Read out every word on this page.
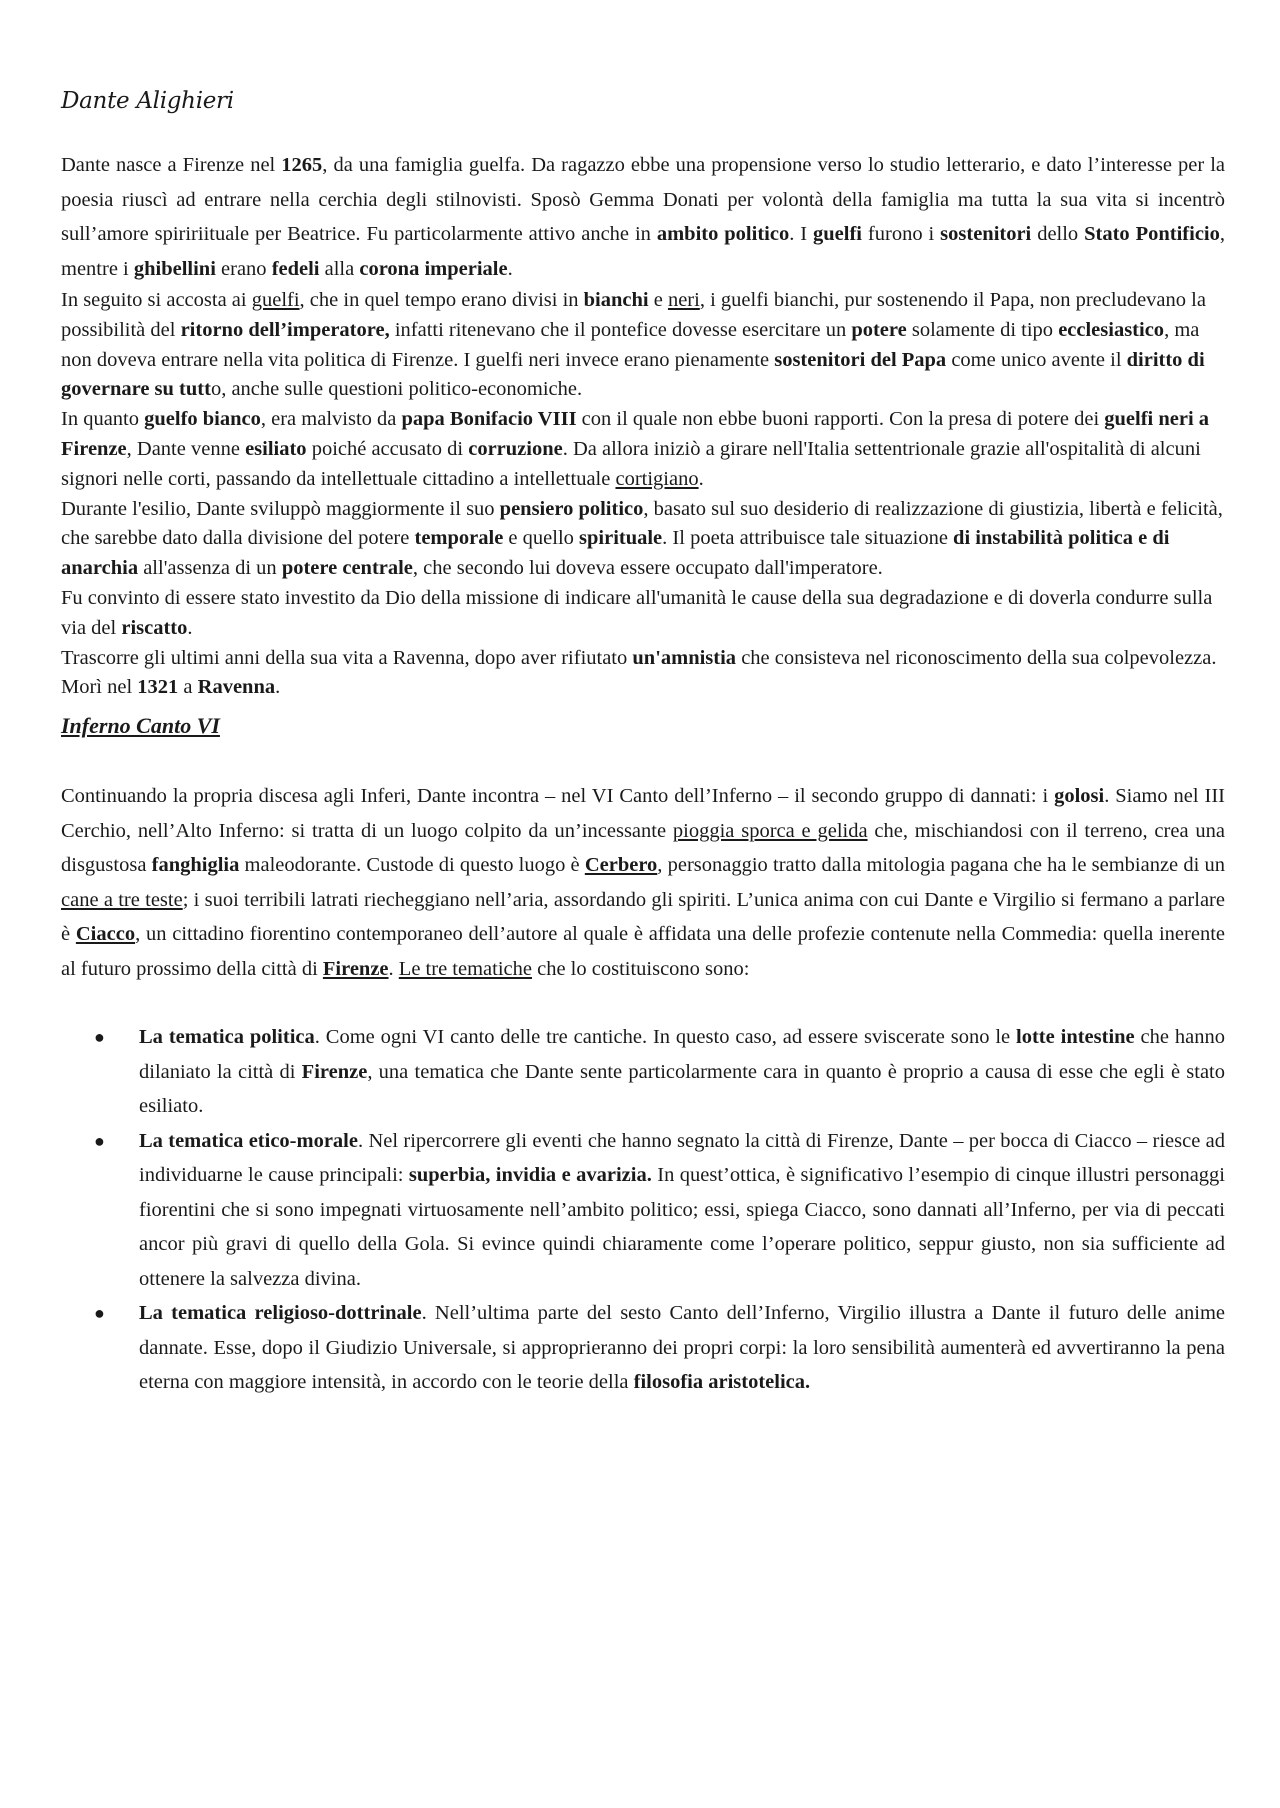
Dante Alighieri

Dante nasce a Firenze nel 1265, da una famiglia guelfa. Da ragazzo ebbe una propensione verso lo studio letterario, e dato l’interesse per la poesia riuscì ad entrare nella cerchia degli stilnovisti. Sposò Gemma Donati per volontà della famiglia ma tutta la sua vita si incentrò sull’amore spiririituale per Beatrice. Fu particolarmente attivo anche in ambito politico. I guelfi furono i sostenitori dello Stato Pontificio, mentre i ghibellini erano fedeli alla corona imperiale.

In seguito si accosta ai guelfi, che in quel tempo erano divisi in bianchi e neri, i guelfi bianchi, pur sostenendo il Papa, non precludevano la possibilità del ritorno dell’imperatore, infatti ritenevano che il pontefice dovesse esercitare un potere solamente di tipo ecclesiastico, ma non doveva entrare nella vita politica di Firenze. I guelfi neri invece erano pienamente sostenitori del Papa come unico avente il diritto di governare su tutto, anche sulle questioni politico-economiche.

In quanto guelfo bianco, era malvisto da papa Bonifacio VIII con il quale non ebbe buoni rapporti. Con la presa di potere dei guelfi neri a Firenze, Dante venne esiliato poiché accusato di corruzione. Da allora iniziò a girare nell'Italia settentrionale grazie all'ospitalità di alcuni signori nelle corti, passando da intellettuale cittadino a intellettuale cortigiano.

Durante l'esilio, Dante sviluppò maggiormente il suo pensiero politico, basato sul suo desiderio di realizzazione di giustizia, libertà e felicità, che sarebbe dato dalla divisione del potere temporale e quello spirituale. Il poeta attribuisce tale situazione di instabilità politica e di anarchia all'assenza di un potere centrale, che secondo lui doveva essere occupato dall'imperatore.

Fu convinto di essere stato investito da Dio della missione di indicare all'umanità le cause della sua degradazione e di doverla condurre sulla via del riscatto.

Trascorre gli ultimi anni della sua vita a Ravenna, dopo aver rifiutato un'amnistia che consisteva nel riconoscimento della sua colpevolezza. Morì nel 1321 a Ravenna.

Inferno Canto VI

Continuando la propria discesa agli Inferi, Dante incontra – nel VI Canto dell’Inferno – il secondo gruppo di dannati: i golosi. Siamo nel III Cerchio, nell’Alto Inferno: si tratta di un luogo colpito da un’incessante pioggia sporca e gelida che, mischiandosi con il terreno, crea una disgustosa fanghiglia maleodorante. Custode di questo luogo è Cerbero, personaggio tratto dalla mitologia pagana che ha le sembianze di un cane a tre teste; i suoi terribili latrati riecheggiano nell’aria, assordando gli spiriti. L’unica anima con cui Dante e Virgilio si fermano a parlare è Ciacco, un cittadino fiorentino contemporaneo dell’autore al quale è affidata una delle profezie contenute nella Commedia: quella inerente al futuro prossimo della città di Firenze. Le tre tematiche che lo costituiscono sono:

● La tematica politica. Come ogni VI canto delle tre cantiche. In questo caso, ad essere sviscerate sono le lotte intestine che hanno dilaniato la città di Firenze, una tematica che Dante sente particolarmente cara in quanto è proprio a causa di esse che egli è stato esiliato.
● La tematica etico-morale. Nel ripercorrere gli eventi che hanno segnato la città di Firenze, Dante – per bocca di Ciacco – riesce ad individuarne le cause principali: superbia, invidia e avarizia. In quest’ottica, è significativo l’esempio di cinque illustri personaggi fiorentini che si sono impegnati virtuosamente nell’ambito politico; essi, spiega Ciacco, sono dannati all’Inferno, per via di peccati ancor più gravi di quello della Gola. Si evince quindi chiaramente come l’operare politico, seppur giusto, non sia sufficiente ad ottenere la salvezza divina.
● La tematica religioso-dottrinale. Nell’ultima parte del sesto Canto dell’Inferno, Virgilio illustra a Dante il futuro delle anime dannate. Esse, dopo il Giudizio Universale, si approprieranno dei propri corpi: la loro sensibilità aumenterà ed avvertiranno la pena eterna con maggiore intensità, in accordo con le teorie della filosofia aristotelica.
